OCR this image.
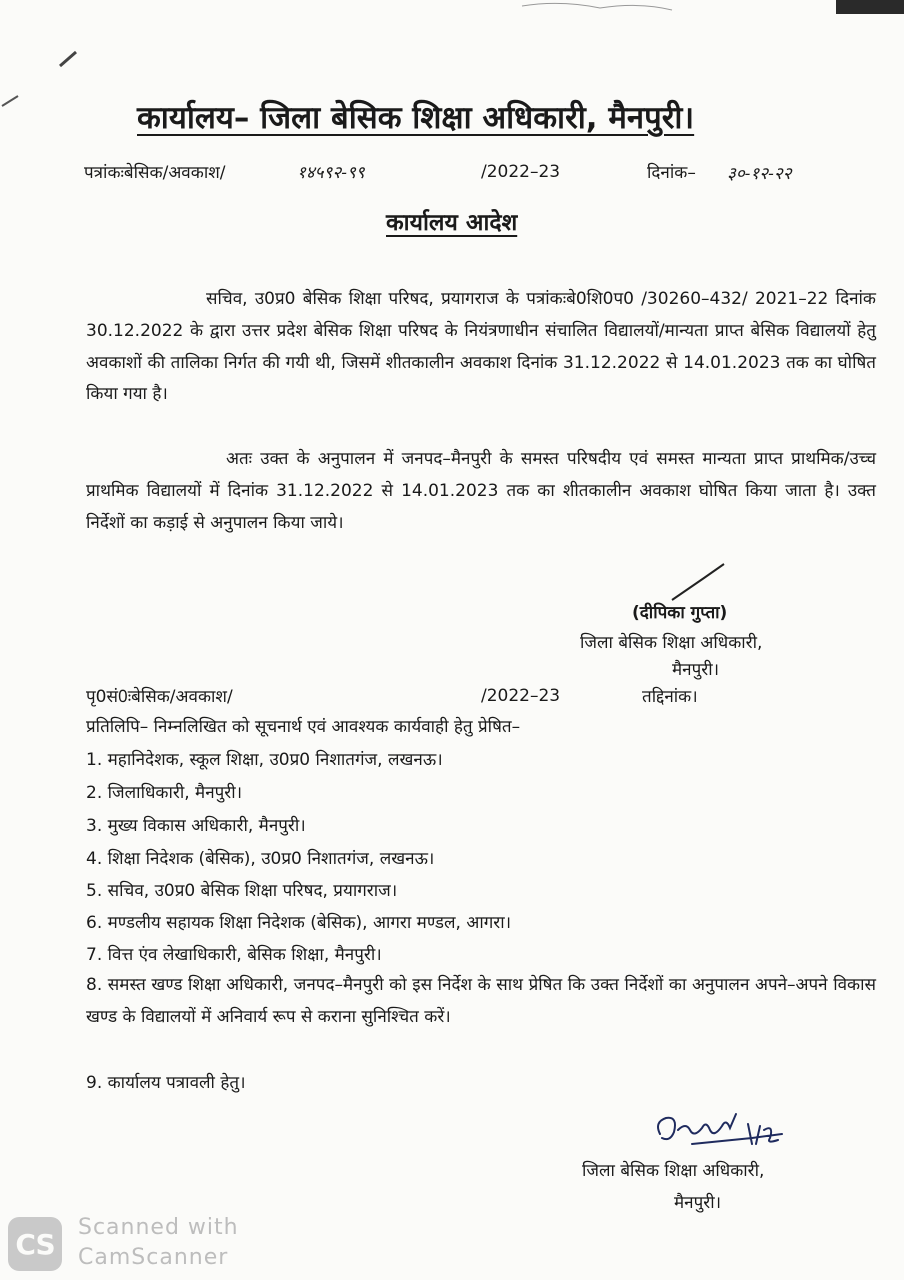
कार्यालय– जिला बेसिक शिक्षा अधिकारी, मैनपुरी।
पत्रांकःबेसिक/अवकाश/	१४५९२-९९	/2022–23	दिनांक– ३०-१२-२२
कार्यालय आदेश
सचिव, उ0प्र0 बेसिक शिक्षा परिषद, प्रयागराज के पत्रांकःबे0शि0प0 /30260–432/ 2021–22 दिनांक 30.12.2022 के द्वारा उत्तर प्रदेश बेसिक शिक्षा परिषद के नियंत्रणाधीन संचालित विद्यालयों/मान्यता प्राप्त बेसिक विद्यालयों हेतु अवकाशों की तालिका निर्गत की गयी थी, जिसमें शीतकालीन अवकाश दिनांक 31.12.2022 से 14.01.2023 तक का घोषित किया गया है।
अतः उक्त के अनुपालन में जनपद–मैनपुरी के समस्त परिषदीय एवं समस्त मान्यता प्राप्त प्राथमिक/उच्च प्राथमिक विद्यालयों में दिनांक 31.12.2022 से 14.01.2023 तक का शीतकालीन अवकाश घोषित किया जाता है। उक्त निर्देशों का कड़ाई से अनुपालन किया जाये।
(दीपिका गुप्ता)
जिला बेसिक शिक्षा अधिकारी,
मैनपुरी।
पृ0सं0ःबेसिक/अवकाश/	/2022–23	तद्दिनांक।
प्रतिलिपि– निम्नलिखित को सूचनार्थ एवं आवश्यक कार्यवाही हेतु प्रेषित–
1. महानिदेशक, स्कूल शिक्षा, उ0प्र0 निशातगंज, लखनऊ।
2. जिलाधिकारी, मैनपुरी।
3. मुख्य विकास अधिकारी, मैनपुरी।
4. शिक्षा निदेशक (बेसिक), उ0प्र0 निशातगंज, लखनऊ।
5. सचिव, उ0प्र0 बेसिक शिक्षा परिषद, प्रयागराज।
6. मण्डलीय सहायक शिक्षा निदेशक (बेसिक), आगरा मण्डल, आगरा।
7. वित्त एंव लेखाधिकारी, बेसिक शिक्षा, मैनपुरी।
8. समस्त खण्ड शिक्षा अधिकारी, जनपद–मैनपुरी को इस निर्देश के साथ प्रेषित कि उक्त निर्देशों का अनुपालन अपने–अपने विकास खण्ड के विद्यालयों में अनिवार्य रूप से कराना सुनिश्चित करें।
9. कार्यालय पत्रावली हेतु।
जिला बेसिक शिक्षा अधिकारी,
मैनपुरी।
CS	Scanned with
CamScanner
